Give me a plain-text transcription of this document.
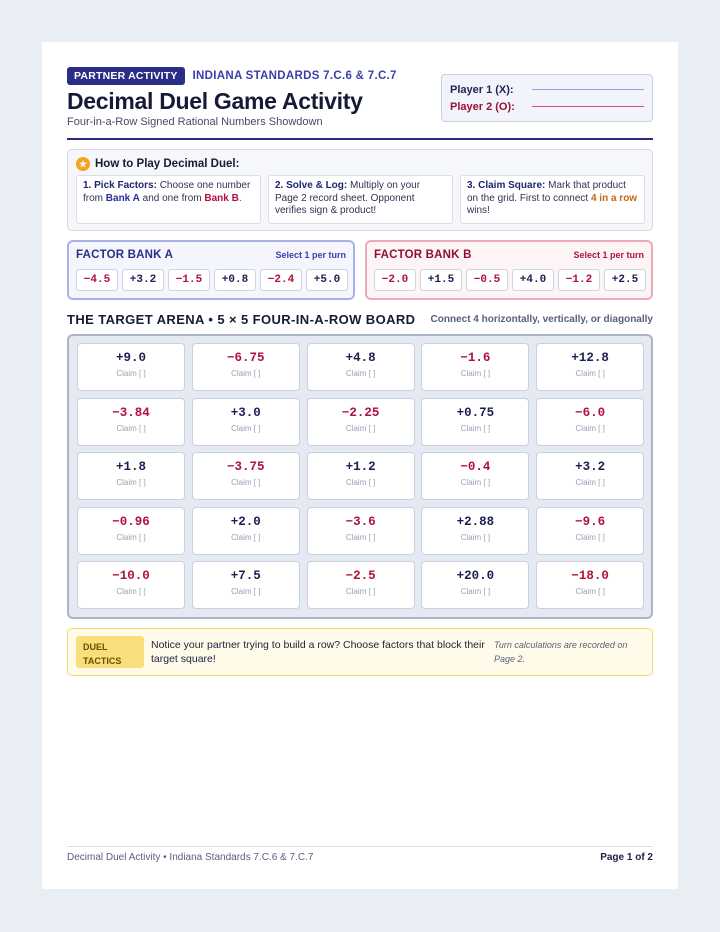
PARTNER ACTIVITY	INDIANA STANDARDS 7.C.6 & 7.C.7
Decimal Duel Game Activity
Four-in-a-Row Signed Rational Numbers Showdown
Player 1 (X):
Player 2 (O):
★ How to Play Decimal Duel:
1. Pick Factors: Choose one number from Bank A and one from Bank B.
2. Solve & Log: Multiply on your Page 2 record sheet. Opponent verifies sign & product!
3. Claim Square: Mark that product on the grid. First to connect 4 in a row wins!
FACTOR BANK A	Select 1 per turn
−4.5	+3.2	−1.5	+0.8	−2.4	+5.0
FACTOR BANK B	Select 1 per turn
−2.0	+1.5	−0.5	+4.0	−1.2	+2.5
THE TARGET ARENA • 5 × 5 FOUR-IN-A-ROW BOARD Connect 4 horizontally, vertically, or diagonally
+9.0
Claim [ ]
−6.75
Claim [ ]
+4.8
Claim [ ]
−1.6
Claim [ ]
+12.8
Claim [ ]
−3.84
Claim [ ]
+3.0
Claim [ ]
−2.25
Claim [ ]
+0.75
Claim [ ]
−6.0
Claim [ ]
+1.8
Claim [ ]
−3.75
Claim [ ]
+1.2
Claim [ ]
−0.4
Claim [ ]
+3.2
Claim [ ]
−0.96
Claim [ ]
+2.0
Claim [ ]
−3.6
Claim [ ]
+2.88
Claim [ ]
−9.6
Claim [ ]
−10.0
Claim [ ]
+7.5
Claim [ ]
−2.5
Claim [ ]
+20.0
Claim [ ]
−18.0
Claim [ ]
DUEL
TACTICS
Notice your partner trying to build a row? Choose factors that block their target square!
Turn calculations are recorded on Page 2.
Decimal Duel Activity • Indiana Standards 7.C.6 & 7.C.7	Page 1 of 2
